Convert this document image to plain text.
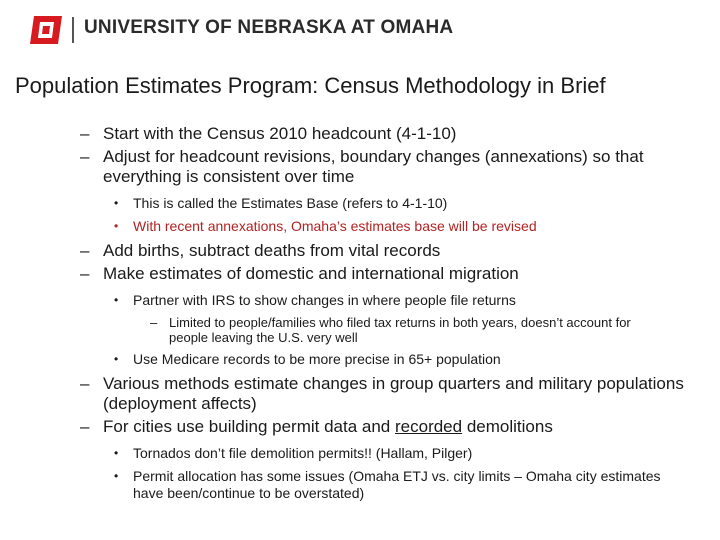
UNIVERSITY OF NEBRASKA AT OMAHA
Population Estimates Program: Census Methodology in Brief
– Start with the Census 2010 headcount (4-1-10)
– Adjust for headcount revisions, boundary changes (annexations) so that everything is consistent over time
• This is called the Estimates Base (refers to 4-1-10)
• With recent annexations, Omaha’s estimates base will be revised
– Add births, subtract deaths from vital records
– Make estimates of domestic and international migration
• Partner with IRS to show changes in where people file returns
– Limited to people/families who filed tax returns in both years, doesn’t account for people leaving the U.S. very well
• Use Medicare records to be more precise in 65+ population
– Various methods estimate changes in group quarters and military populations (deployment affects)
– For cities use building permit data and recorded demolitions
• Tornados don’t file demolition permits!! (Hallam, Pilger)
• Permit allocation has some issues (Omaha ETJ vs. city limits – Omaha city estimates have been/continue to be overstated)
